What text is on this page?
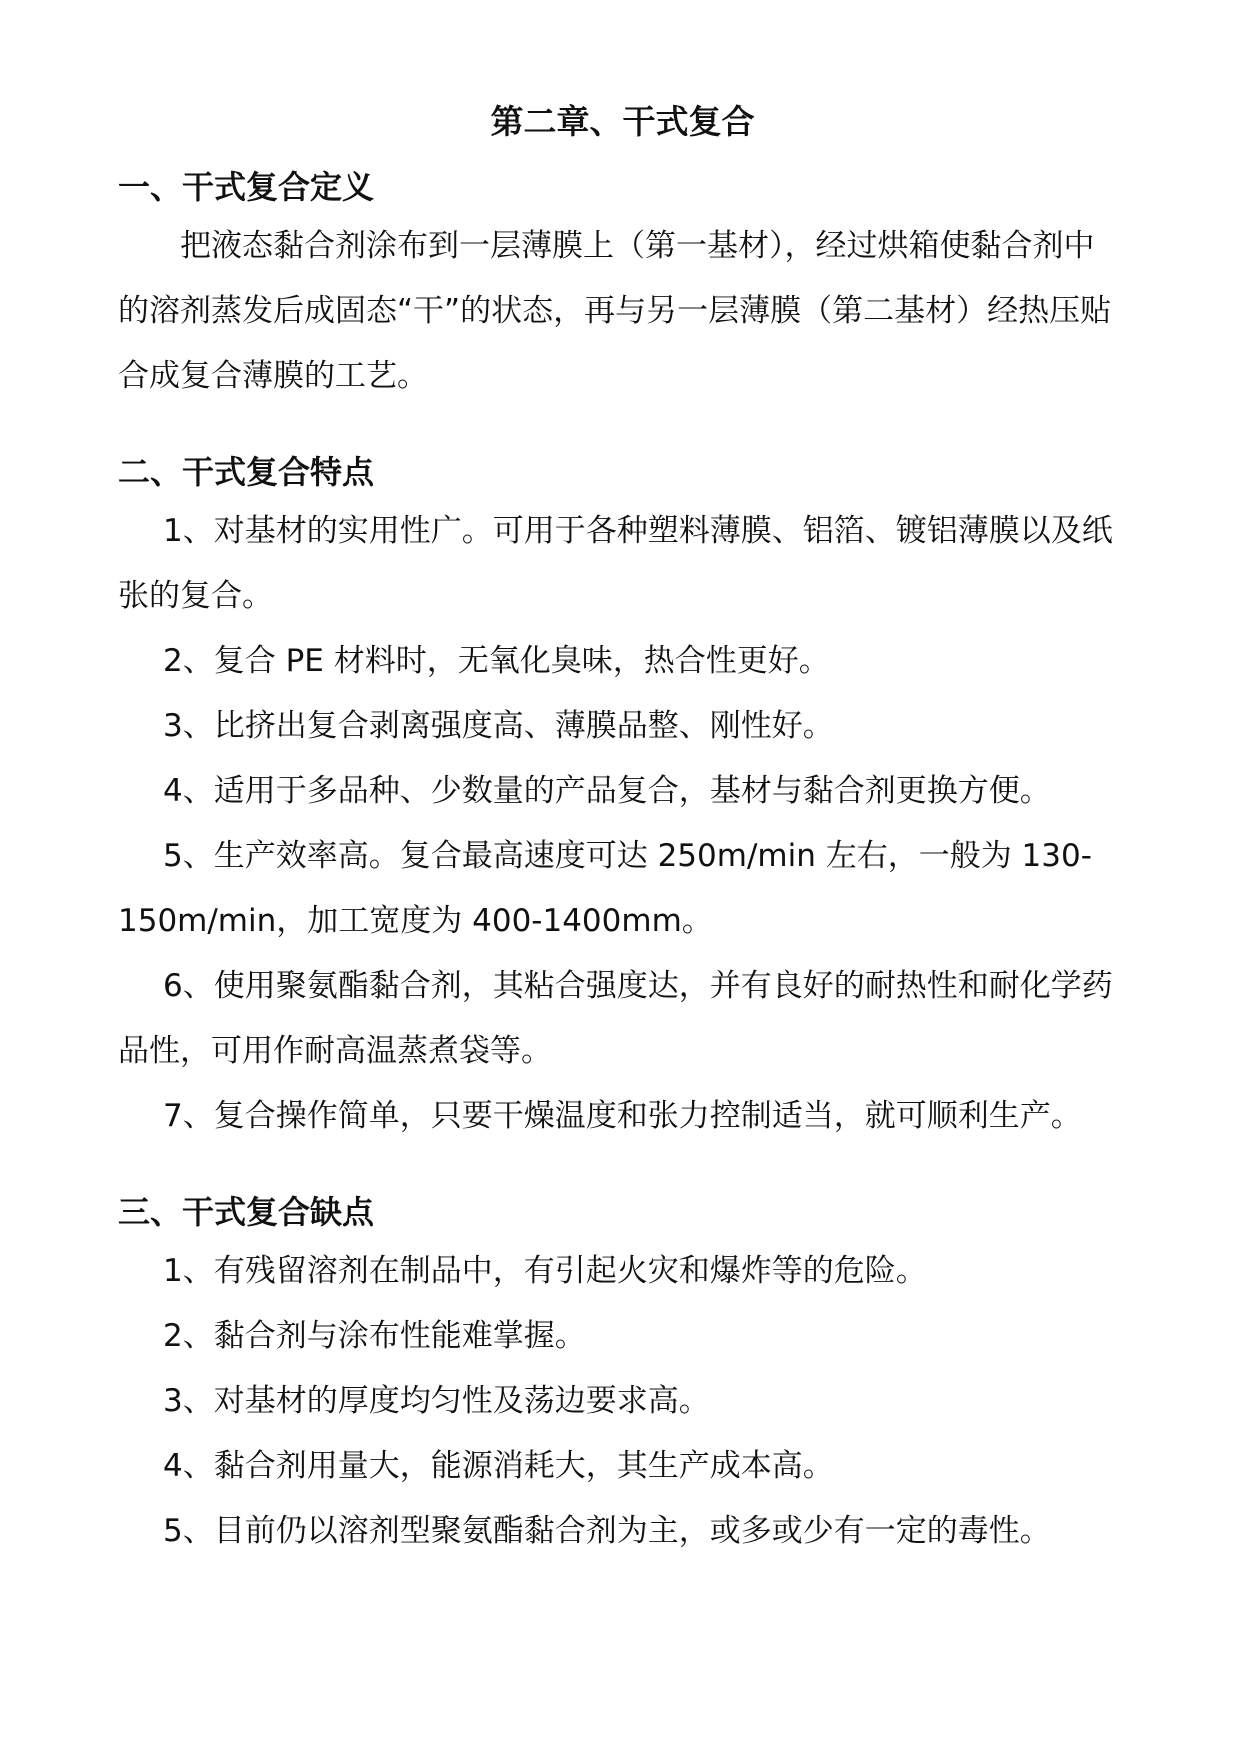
第二章、干式复合
一、干式复合定义

把液态黏合剂涂布到一层薄膜上（第一基材），经过烘箱使黏合剂中的溶剂蒸发后成固态“干”的状态，再与另一层薄膜（第二基材）经热压贴合成复合薄膜的工艺。

二、干式复合特点

1、对基材的实用性广。可用于各种塑料薄膜、铝箔、镀铝薄膜以及纸张的复合。

2、复合 PE 材料时，无氧化臭味，热合性更好。

3、比挤出复合剥离强度高、薄膜品整、刚性好。

4、适用于多品种、少数量的产品复合，基材与黏合剂更换方便。

5、生产效率高。复合最高速度可达 250m/min 左右，一般为 130-150m/min，加工宽度为 400-1400mm。

6、使用聚氨酯黏合剂，其粘合强度达，并有良好的耐热性和耐化学药品性，可用作耐高温蒸煮袋等。

7、复合操作简单，只要干燥温度和张力控制适当，就可顺利生产。

三、干式复合缺点

1、有残留溶剂在制品中，有引起火灾和爆炸等的危险。

2、黏合剂与涂布性能难掌握。

3、对基材的厚度均匀性及荡边要求高。

4、黏合剂用量大，能源消耗大，其生产成本高。

5、目前仍以溶剂型聚氨酯黏合剂为主，或多或少有一定的毒性。
